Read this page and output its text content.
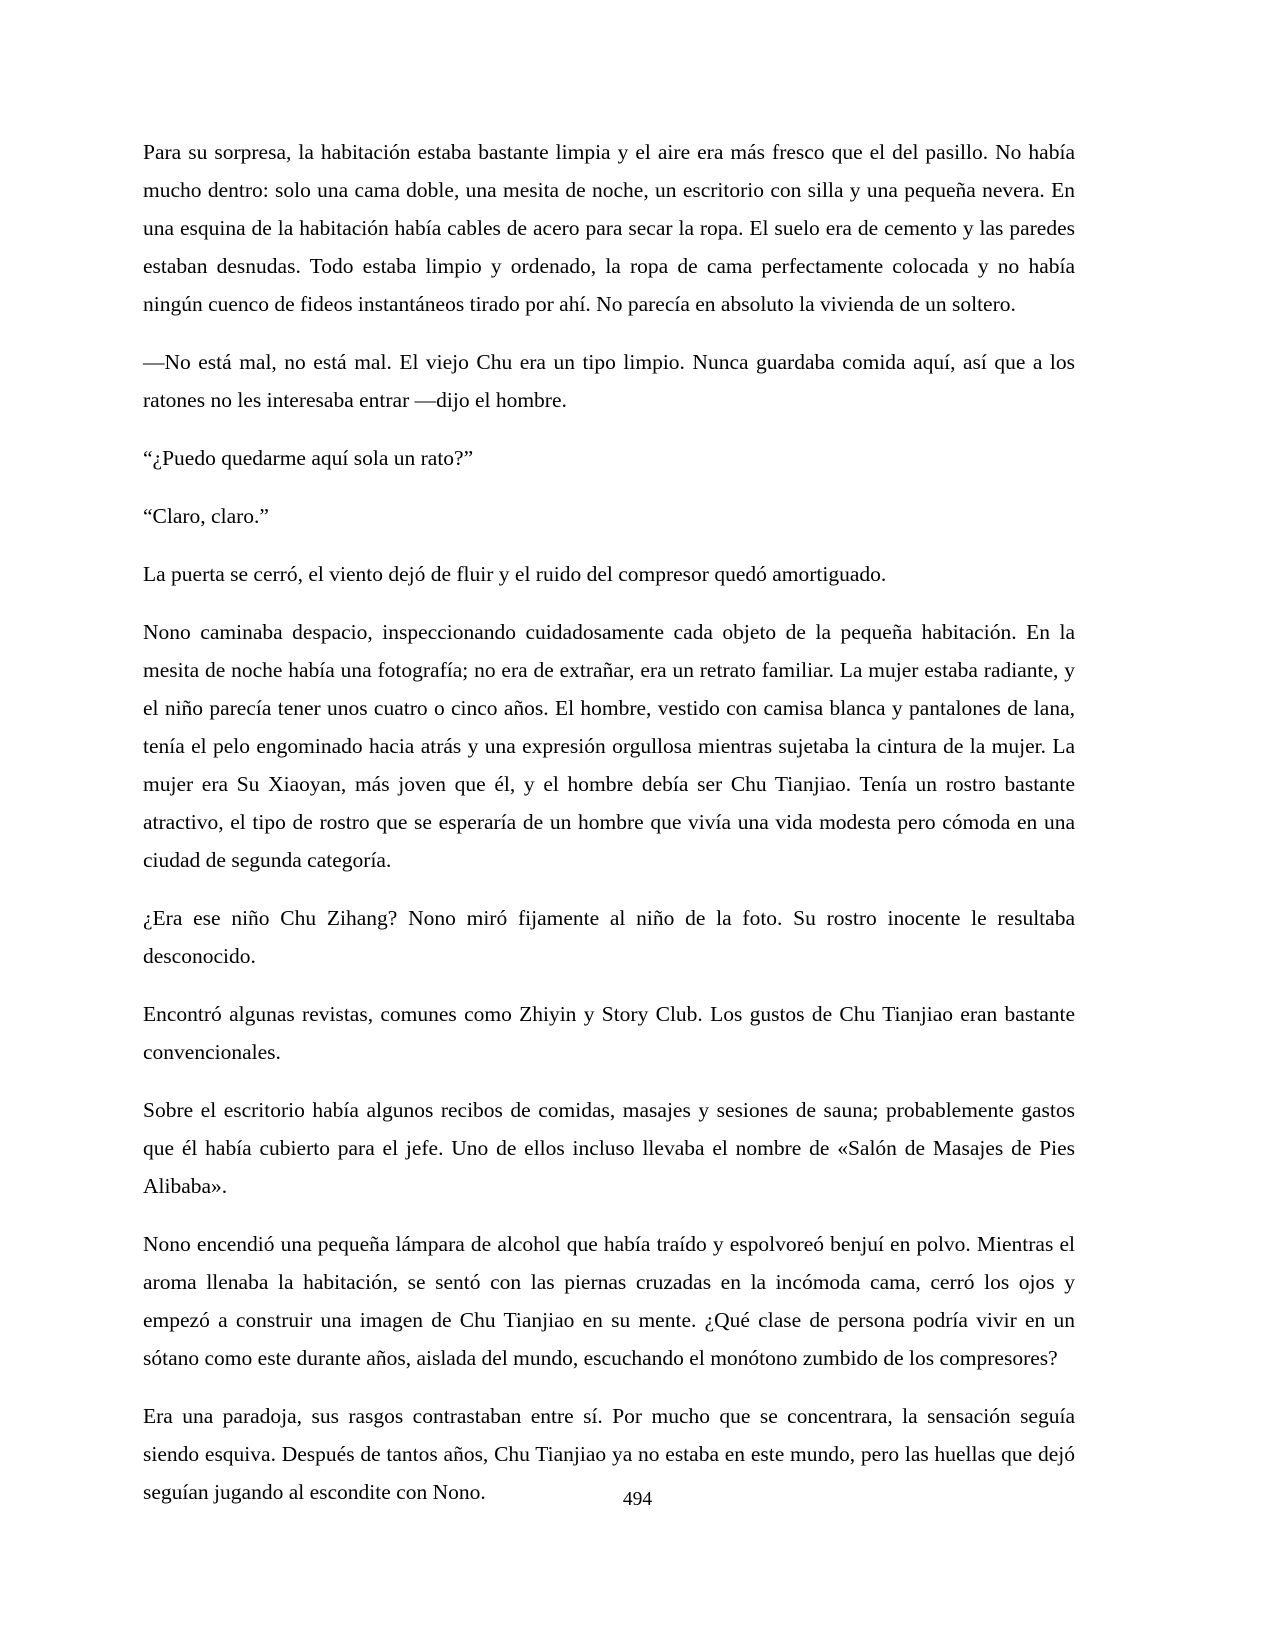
Para su sorpresa, la habitación estaba bastante limpia y el aire era más fresco que el del pasillo. No había mucho dentro: solo una cama doble, una mesita de noche, un escritorio con silla y una pequeña nevera. En una esquina de la habitación había cables de acero para secar la ropa. El suelo era de cemento y las paredes estaban desnudas. Todo estaba limpio y ordenado, la ropa de cama perfectamente colocada y no había ningún cuenco de fideos instantáneos tirado por ahí. No parecía en absoluto la vivienda de un soltero.

—No está mal, no está mal. El viejo Chu era un tipo limpio. Nunca guardaba comida aquí, así que a los ratones no les interesaba entrar —dijo el hombre.

“¿Puedo quedarme aquí sola un rato?”

“Claro, claro.”

La puerta se cerró, el viento dejó de fluir y el ruido del compresor quedó amortiguado.

Nono caminaba despacio, inspeccionando cuidadosamente cada objeto de la pequeña habitación. En la mesita de noche había una fotografía; no era de extrañar, era un retrato familiar. La mujer estaba radiante, y el niño parecía tener unos cuatro o cinco años. El hombre, vestido con camisa blanca y pantalones de lana, tenía el pelo engominado hacia atrás y una expresión orgullosa mientras sujetaba la cintura de la mujer. La mujer era Su Xiaoyan, más joven que él, y el hombre debía ser Chu Tianjiao. Tenía un rostro bastante atractivo, el tipo de rostro que se esperaría de un hombre que vivía una vida modesta pero cómoda en una ciudad de segunda categoría.

¿Era ese niño Chu Zihang? Nono miró fijamente al niño de la foto. Su rostro inocente le resultaba desconocido.

Encontró algunas revistas, comunes como Zhiyin y Story Club. Los gustos de Chu Tianjiao eran bastante convencionales.

Sobre el escritorio había algunos recibos de comidas, masajes y sesiones de sauna; probablemente gastos que él había cubierto para el jefe. Uno de ellos incluso llevaba el nombre de «Salón de Masajes de Pies Alibaba».

Nono encendió una pequeña lámpara de alcohol que había traído y espolvoreó benjuí en polvo. Mientras el aroma llenaba la habitación, se sentó con las piernas cruzadas en la incómoda cama, cerró los ojos y empezó a construir una imagen de Chu Tianjiao en su mente. ¿Qué clase de persona podría vivir en un sótano como este durante años, aislada del mundo, escuchando el monótono zumbido de los compresores?

Era una paradoja, sus rasgos contrastaban entre sí. Por mucho que se concentrara, la sensación seguía siendo esquiva. Después de tantos años, Chu Tianjiao ya no estaba en este mundo, pero las huellas que dejó seguían jugando al escondite con Nono.	494
